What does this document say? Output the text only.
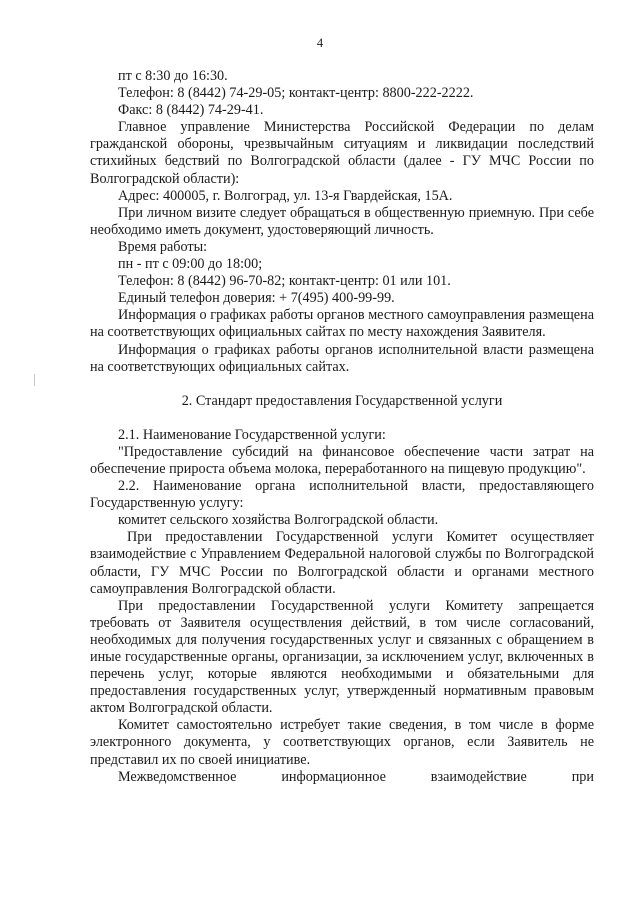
4

пт с 8:30 до 16:30.

Телефон: 8 (8442) 74-29-05; контакт-центр: 8800-222-2222.

Факс: 8 (8442) 74-29-41.

Главное управление Министерства Российской Федерации по делам гражданской обороны, чрезвычайным ситуациям и ликвидации последствий стихийных бедствий по Волгоградской области (далее - ГУ МЧС России по Волгоградской области):

Адрес: 400005, г. Волгоград, ул. 13-я Гвардейская, 15А.

При личном визите следует обращаться в общественную приемную. При себе необходимо иметь документ, удостоверяющий личность.

Время работы:

пн - пт с 09:00 до 18:00;

Телефон: 8 (8442) 96-70-82; контакт-центр: 01 или 101.

Единый телефон доверия: + 7(495) 400-99-99.

Информация о графиках работы органов местного самоуправления размещена на соответствующих официальных сайтах по месту нахождения Заявителя.

Информация о графиках работы органов исполнительной власти размещена на соответствующих официальных сайтах.

2. Стандарт предоставления Государственной услуги

2.1. Наименование Государственной услуги:

"Предоставление субсидий на финансовое обеспечение части затрат на обеспечение прироста объема молока, переработанного на пищевую продукцию".

2.2. Наименование органа исполнительной власти, предоставляющего Государственную услугу:

комитет сельского хозяйства Волгоградской области.

При предоставлении Государственной услуги Комитет осуществляет взаимодействие с Управлением Федеральной налоговой службы по Волгоградской области, ГУ МЧС России по Волгоградской области и органами местного самоуправления Волгоградской области.

При предоставлении Государственной услуги Комитету запрещается требовать от Заявителя осуществления действий, в том числе согласований, необходимых для получения государственных услуг и связанных с обращением в иные государственные органы, организации, за исключением услуг, включенных в перечень услуг, которые являются необходимыми и обязательными для предоставления государственных услуг, утвержденный нормативным правовым актом Волгоградской области.

Комитет самостоятельно истребует такие сведения, в том числе в форме электронного документа, у соответствующих органов, если Заявитель не представил их по своей инициативе.

Межведомственное информационное взаимодействие при
